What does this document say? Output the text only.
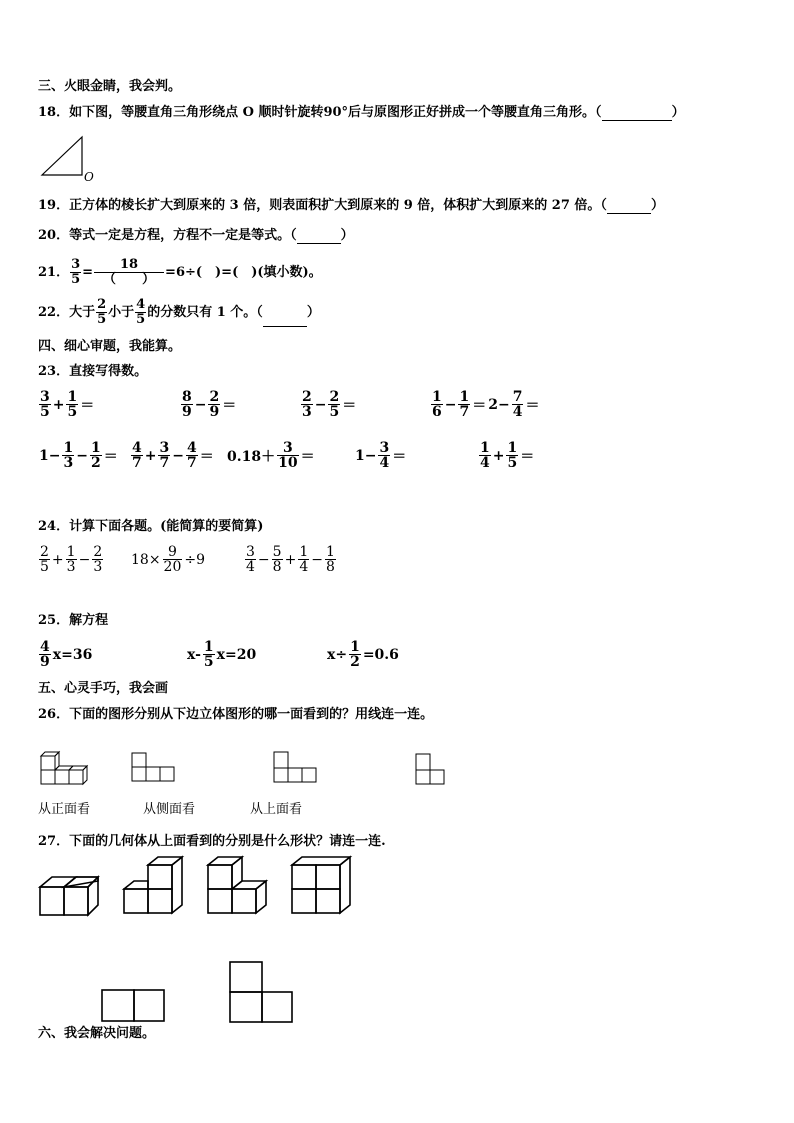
三、火眼金睛，我会判。
18．如下图，等腰直角三角形绕点 O 顺时针旋转90°后与原图形正好拼成一个等腰直角三角形。（	）
O
19．正方体的棱长扩大到原来的 3 倍，则表面积扩大到原来的 9 倍，体积扩大到原来的 27 倍。（	）
20．等式一定是方程，方程不一定是等式。（	）
21． $\frac{3}{5}$ =
18
（　　） =6÷(　)=(　)(填小数)。
22．大于 $\frac{2}{5}$ 小于 $\frac{4}{5}$ 的分数只有 1 个。（	）
四、细心审题，我能算。
23．直接写得数。
$\frac{3}{5} + \frac{1}{5}$ ＝	$\frac{8}{9} - \frac{2}{9}$ ＝	$\frac{2}{3} - \frac{2}{5}$ ＝	$\frac{1}{6} - \frac{1}{7} = 2- \frac{7}{4}$ ＝
$1- \frac{1}{3} - \frac{1}{2} = \frac{4}{7} + \frac{3}{7} - \frac{4}{7} = 0.18+ \frac{3}{10}$ ＝	$1- \frac{3}{4}$ ＝	$\frac{1}{4} + \frac{1}{5}$ ＝
24．计算下面各题。(能简算的要简算)
$\frac{2}{5} + \frac{1}{3} - \frac{2}{3} 18\times \frac{9}{20} \div 9$	$\frac{3}{4} - \frac{5}{8} + \frac{1}{4} - \frac{1}{8}$
25．解方程
$\frac{4}{9} x=36$	$x- \frac{1}{5} x=20$	$x\div \frac{1}{2} =0.6$
五、心灵手巧，我会画
26．下面的图形分别从下边立体图形的哪一面看到的？用线连一连。
从正面看	从侧面看	从上面看
27．下面的几何体从上面看到的分别是什么形状？请连一连.
六、我会解决问题。
